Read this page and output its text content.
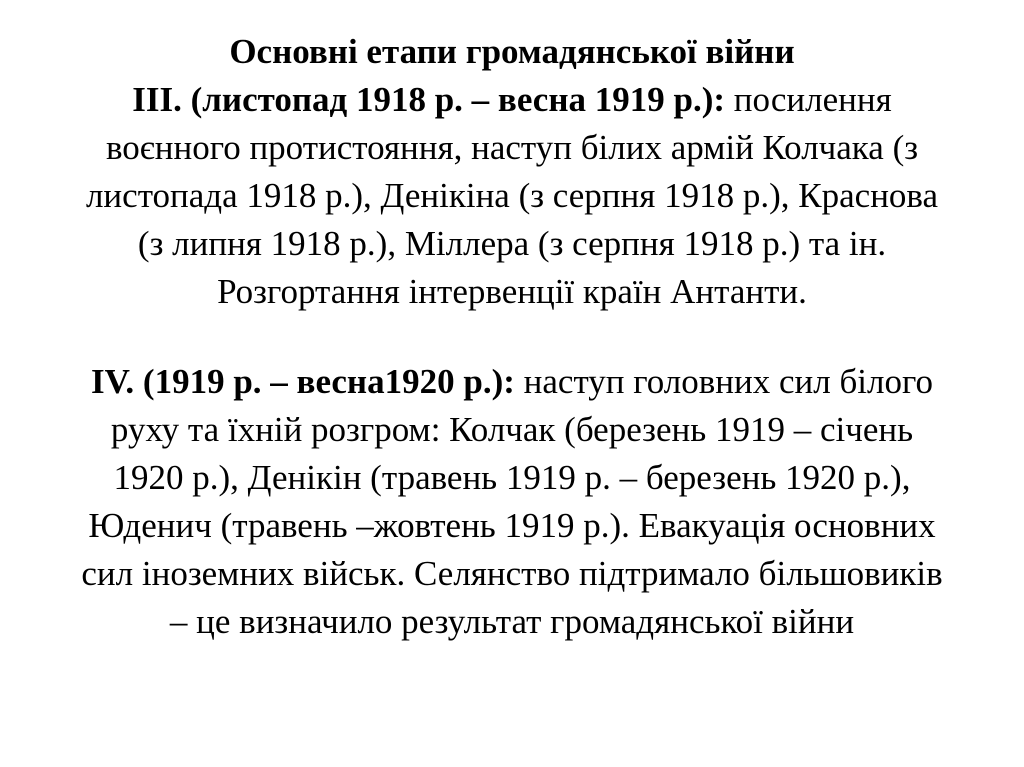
Основні етапи громадянської війни

III. (листопад 1918 р. – весна 1919 р.): посилення
воєнного протистояння, наступ білих армій Колчака (з
листопада 1918 р.), Денікіна (з серпня 1918 р.), Краснова
(з липня 1918 р.), Міллера (з серпня 1918 р.) та ін.
Розгортання інтервенції країн Антанти.

IV. (1919 р. – весна1920 р.): наступ головних сил білого
руху та їхній розгром: Колчак (березень 1919 – січень
1920 р.), Денікін (травень 1919 р. – березень 1920 р.),
Юденич (травень –жовтень 1919 р.). Евакуація основних
сил іноземних військ. Селянство підтримало більшовиків
– це визначило результат громадянської війни
